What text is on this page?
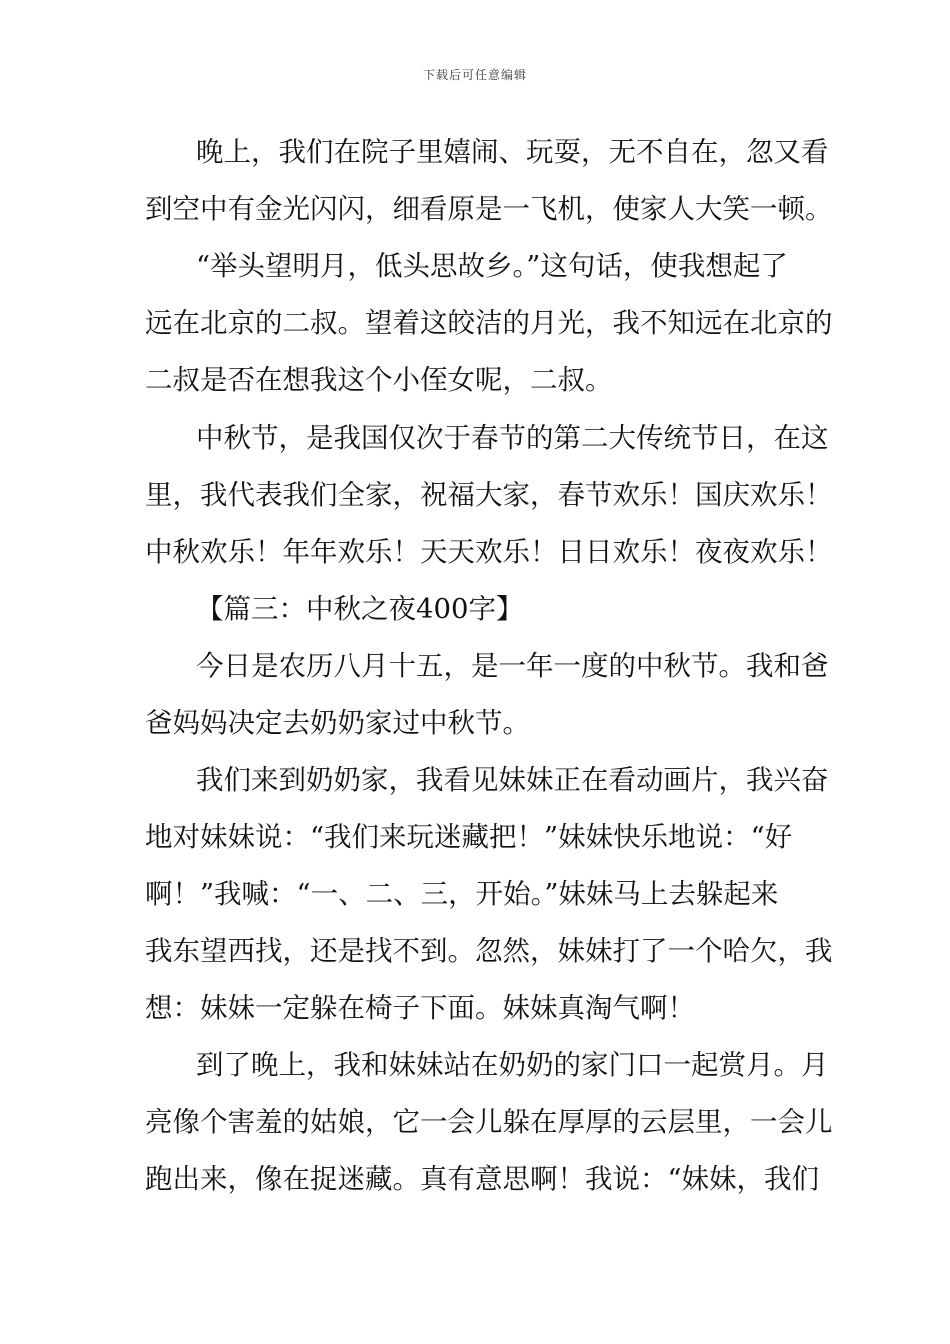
下载后可任意编辑
晚上，我们在院子里嬉闹、玩耍，无不自在，忽又看
到空中有金光闪闪，细看原是一飞机，使家人大笑一顿。
“举头望明月，低头思故乡。”这句话，使我想起了
远在北京的二叔。望着这皎洁的月光，我不知远在北京的
二叔是否在想我这个小侄女呢，二叔。
中秋节，是我国仅次于春节的第二大传统节日，在这
里，我代表我们全家，祝福大家，春节欢乐！国庆欢乐！
中秋欢乐！年年欢乐！天天欢乐！日日欢乐！夜夜欢乐！
【篇三：中秋之夜400字】
今日是农历八月十五，是一年一度的中秋节。我和爸
爸妈妈决定去奶奶家过中秋节。
我们来到奶奶家，我看见妹妹正在看动画片，我兴奋
地对妹妹说：“我们来玩迷藏把！”妹妹快乐地说：“好
啊！”我喊：“一、二、三，开始。”妹妹马上去躲起来
我东望西找，还是找不到。忽然，妹妹打了一个哈欠，我
想：妹妹一定躲在椅子下面。妹妹真淘气啊！
到了晚上，我和妹妹站在奶奶的家门口一起赏月。月
亮像个害羞的姑娘，它一会儿躲在厚厚的云层里，一会儿
跑出来，像在捉迷藏。真有意思啊！我说：“妹妹，我们
